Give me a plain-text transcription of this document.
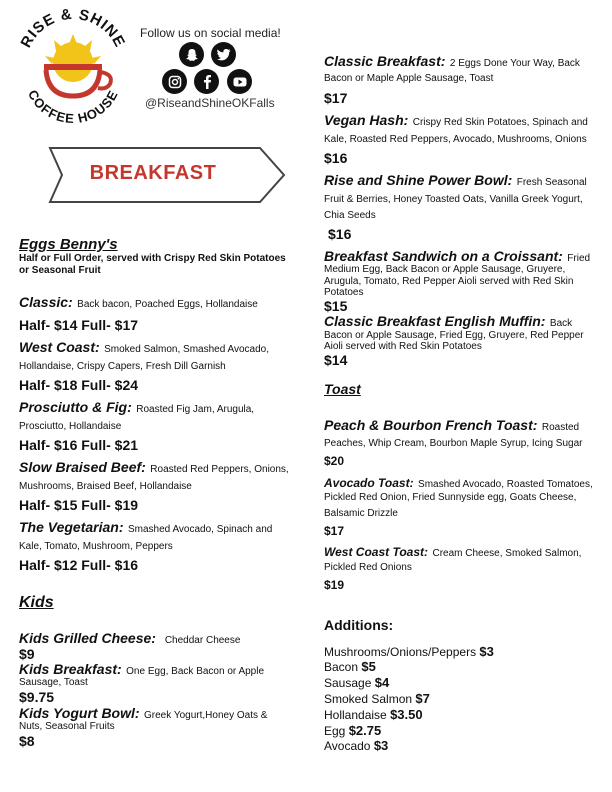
RISE & SHINE
COFFEE HOUSE
Follow us on social media!
@RiseandShineOKFalls
BREAKFAST
Eggs Benny's
Half or Full Order, served with Crispy Red Skin Potatoes
or Seasonal Fruit
Classic: Back bacon, Poached Eggs, Hollandaise
Half- $14 Full- $17
West Coast: Smoked Salmon, Smashed Avocado,
Hollandaise, Crispy Capers, Fresh Dill Garnish
Half- $18 Full- $24
Prosciutto & Fig: Roasted Fig Jam, Arugula,
Prosciutto, Hollandaise
Half- $16 Full- $21
Slow Braised Beef: Roasted Red Peppers, Onions,
Mushrooms, Braised Beef, Hollandaise
Half- $15 Full- $19
The Vegetarian: Smashed Avocado, Spinach and
Kale, Tomato, Mushroom, Peppers
Half- $12 Full- $16
Kids
Kids Grilled Cheese: Cheddar Cheese
$9
Kids Breakfast: One Egg, Back Bacon or Apple
Sausage, Toast
$9.75
Kids Yogurt Bowl: Greek Yogurt,Honey Oats &
Nuts, Seasonal Fruits
$8
Classic Breakfast: 2 Eggs Done Your Way, Back
Bacon or Maple Apple Sausage, Toast
$17
Vegan Hash: Crispy Red Skin Potatoes, Spinach and
Kale, Roasted Red Peppers, Avocado, Mushrooms, Onions
$16
Rise and Shine Power Bowl: Fresh Seasonal
Fruit & Berries, Honey Toasted Oats, Vanilla Greek Yogurt,
Chia Seeds
$16
Breakfast Sandwich on a Croissant: Fried
Medium Egg, Back Bacon or Apple Sausage, Gruyere,
Arugula, Tomato, Red Pepper Aioli served with Red Skin
Potatoes
$15
Classic Breakfast English Muffin: Back
Bacon or Apple Sausage, Fried Egg, Gruyere, Red Pepper
Aioli served with Red Skin Potatoes
$14
Toast
Peach & Bourbon French Toast: Roasted
Peaches, Whip Cream, Bourbon Maple Syrup, Icing Sugar
$20
Avocado Toast: Smashed Avocado, Roasted Tomatoes,
Pickled Red Onion, Fried Sunnyside egg, Goats Cheese,
Balsamic Drizzle
$17
West Coast Toast: Cream Cheese, Smoked Salmon,
Pickled Red Onions
$19
Additions:
Mushrooms/Onions/Peppers $3
Bacon $5
Sausage $4
Smoked Salmon $7
Hollandaise $3.50
Egg $2.75
Avocado $3
